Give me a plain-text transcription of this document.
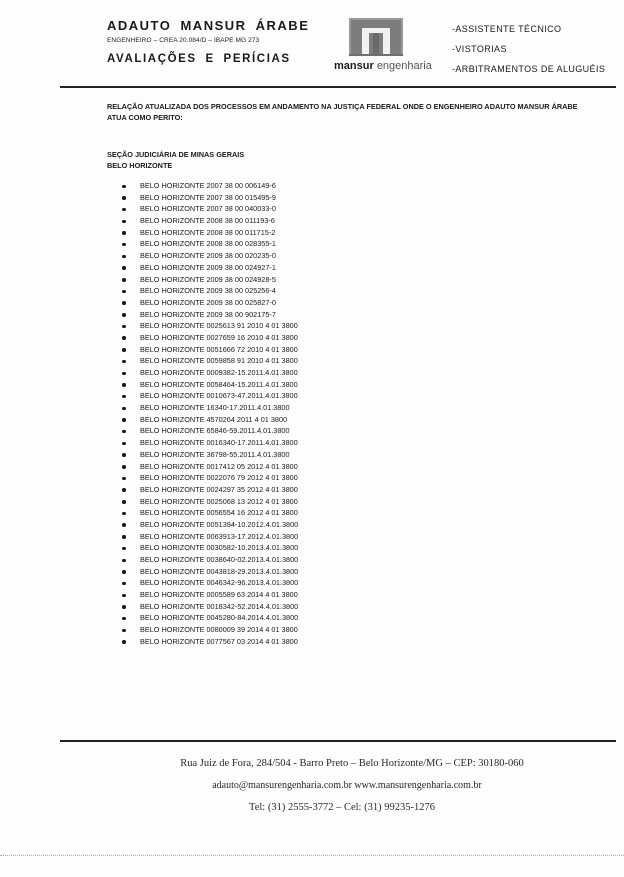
ADAUTO MANSUR ÁRABE
ENGENHEIRO – CREA 20.084/D – IBAPE MG 273
AVALIAÇÕES E PERÍCIAS
mansur engenharia
-ASSISTENTE TÉCNICO
-VISTORIAS
-ARBITRAMENTOS DE ALUGUÉIS
RELAÇÃO ATUALIZADA DOS PROCESSOS EM ANDAMENTO NA JUSTIÇA FEDERAL ONDE O ENGENHEIRO ADAUTO MANSUR ÁRABE ATUA COMO PERITO:
SEÇÃO JUDICIÁRIA DE MINAS GERAIS
BELO HORIZONTE
BELO HORIZONTE 2007 38 00 006149-6
BELO HORIZONTE 2007 38 00 015495-9
BELO HORIZONTE 2007 38 00 040033-0
BELO HORIZONTE 2008 38 00 011193-6
BELO HORIZONTE 2008 38 00 011715-2
BELO HORIZONTE 2008 38 00 028355-1
BELO HORIZONTE 2009 38 00 020235-0
BELO HORIZONTE 2009 38 00 024927-1
BELO HORIZONTE 2009 38 00 024928-5
BELO HORIZONTE 2009 38 00 025256-4
BELO HORIZONTE 2009 38 00 025827-0
BELO HORIZONTE 2009 38 00 902175-7
BELO HORIZONTE 0025613 91 2010 4 01 3800
BELO HORIZONTE 0027659 16 2010 4 01 3800
BELO HORIZONTE 0051666 72 2010 4 01 3800
BELO HORIZONTE 0059858 91 2010 4 01 3800
BELO HORIZONTE 0009382-15.2011.4.01.3800
BELO HORIZONTE 0058464-15.2011.4.01.3800
BELO HORIZONTE 0010673-47.2011.4.01.3800
BELO HORIZONTE 16340-17.2011.4.01.3800
BELO HORIZONTE 4570264 2011 4 01 3800
BELO HORIZONTE 65846-59.2011.4.01.3800
BELO HORIZONTE 0016340-17.2011.4.01.3800
BELO HORIZONTE 36798-55.2011.4.01.3800
BELO HORIZONTE 0017412 05 2012 4 01 3800
BELO HORIZONTE 0022076 79 2012 4 01 3800
BELO HORIZONTE 0024297 35 2012 4 01 3800
BELO HORIZONTE 0025068 13 2012 4 01 3800
BELO HORIZONTE 0056554 16 2012 4 01 3800
BELO HORIZONTE 0051394-10.2012.4.01.3800
BELO HORIZONTE 0063913-17.2012.4.01.3800
BELO HORIZONTE 0030582-10.2013.4.01.3800
BELO HORIZONTE 0038640-02.2013.4.01.3800
BELO HORIZONTE 0043818-29.2013.4.01.3800
BELO HORIZONTE 0046342-96.2013.4.01.3800
BELO HORIZONTE 0005589 63 2014 4 01 3800
BELO HORIZONTE 0018342-52.2014.4.01.3800
BELO HORIZONTE 0045280-84.2014.4.01.3800
BELO HORIZONTE 0080009 39 2014 4 01 3800
BELO HORIZONTE 0077567 03 2014 4 01 3800
Rua Juiz de Fora, 284/504 - Barro Preto – Belo Horizonte/MG – CEP: 30180-060
adauto@mansurengenharia.com.br www.mansurengenharia.com.br
Tel: (31) 2555-3772 – Cel: (31) 99235-1276
